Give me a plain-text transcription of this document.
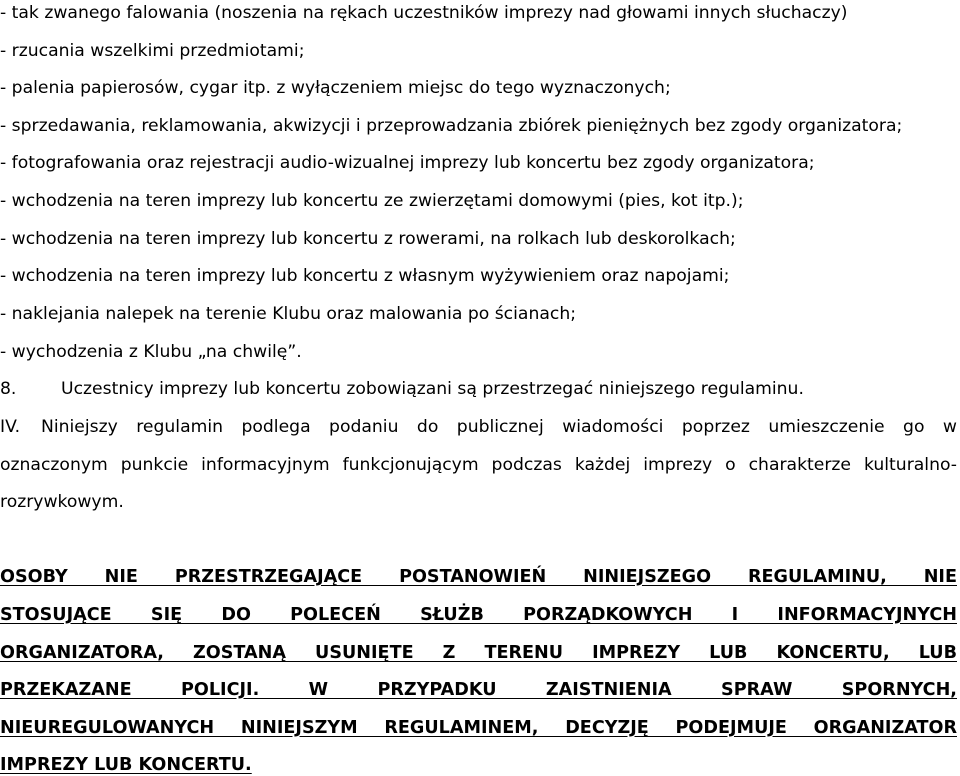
- tak zwanego falowania (noszenia na rękach uczestników imprezy nad głowami innych słuchaczy)
- rzucania wszelkimi przedmiotami;
- palenia papierosów, cygar itp. z wyłączeniem miejsc do tego wyznaczonych;
- sprzedawania, reklamowania, akwizycji i przeprowadzania zbiórek pieniężnych bez zgody organizatora;
- fotografowania oraz rejestracji audio-wizualnej imprezy lub koncertu bez zgody organizatora;
- wchodzenia na teren imprezy lub koncertu ze zwierzętami domowymi (pies, kot itp.);
- wchodzenia na teren imprezy lub koncertu z rowerami, na rolkach lub deskorolkach;
- wchodzenia na teren imprezy lub koncertu z własnym wyżywieniem oraz napojami;
- naklejania nalepek na terenie Klubu oraz malowania po ścianach;
- wychodzenia z Klubu „na chwilę”.
8.	Uczestnicy imprezy lub koncertu zobowiązani są przestrzegać niniejszego regulaminu.
IV. Niniejszy regulamin podlega podaniu do publicznej wiadomości poprzez umieszczenie go w
oznaczonym punkcie informacyjnym funkcjonującym podczas każdej imprezy o charakterze kulturalno-
rozrywkowym.
OSOBY NIE PRZESTRZEGAJĄCE POSTANOWIEŃ NINIEJSZEGO REGULAMINU, NIE
STOSUJĄCE SIĘ DO POLECEŃ SŁUŻB PORZĄDKOWYCH I INFORMACYJNYCH
ORGANIZATORA, ZOSTANĄ USUNIĘTE Z TERENU IMPREZY LUB KONCERTU, LUB
PRZEKAZANE POLICJI. W PRZYPADKU ZAISTNIENIA SPRAW SPORNYCH,
NIEUREGULOWANYCH NINIEJSZYM REGULAMINEM, DECYZJĘ PODEJMUJE ORGANIZATOR
IMPREZY LUB KONCERTU.
